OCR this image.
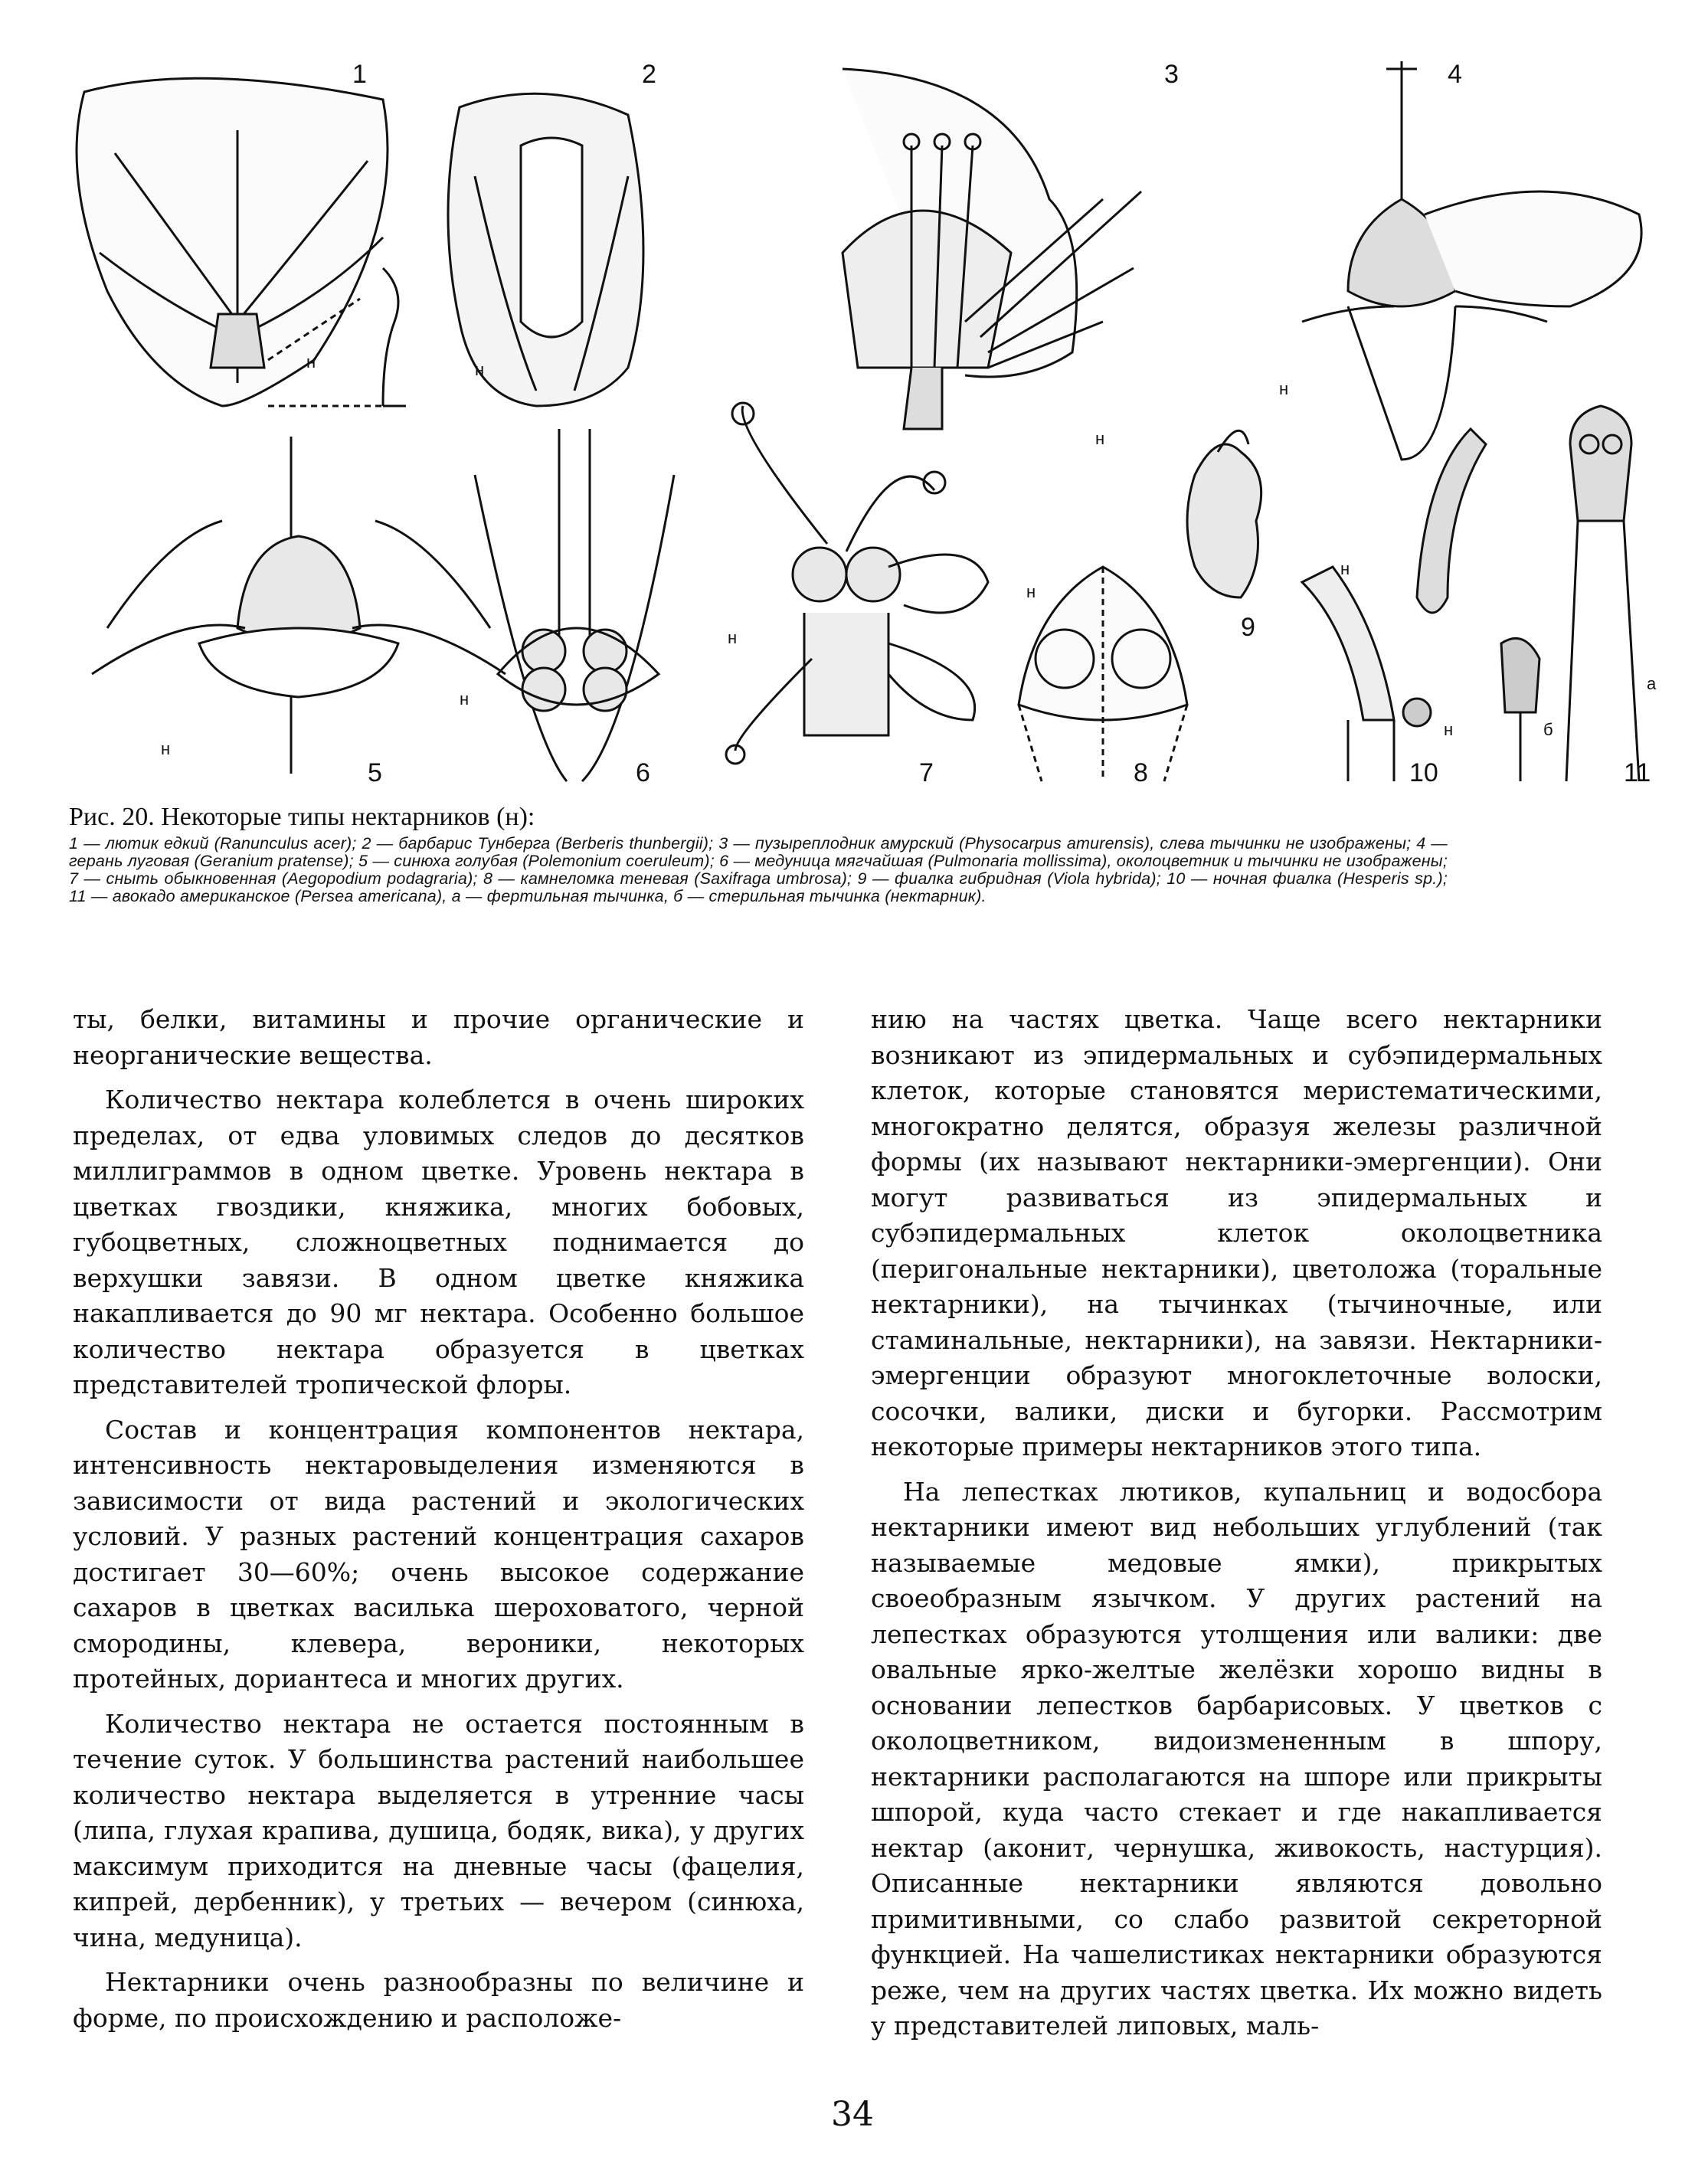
1
н
2
н
3
н
4
н
5
н
6
н
7
н
8
н
9
10
н
н
11
а
б

Рис. 20. Некоторые типы нектарников (н):

1 — лютик едкий (Ranunculus acer); 2 — барбарис Тунберга (Berberis thunbergii); 3 — пузыреплодник амурский (Physocarpus amurensis), слева тычинки не изображены; 4 — герань луговая (Geranium pratense); 5 — синюха голубая (Polemonium coeruleum); 6 — медуница мягчайшая (Pulmonaria mollissima), околоцветник и тычинки не изображены; 7 — сныть обыкновенная (Aegopodium podagraria); 8 — камнеломка теневая (Saxifraga umbrosa); 9 — фиалка гибридная (Viola hybrida); 10 — ночная фиалка (Hesperis sp.); 11 — авокадо американское (Persea americana), а — фертильная тычинка, б — стерильная тычинка (нектарник).

ты, белки, витамины и прочие органические и неорганические вещества.

Количество нектара колеблется в очень широких пределах, от едва уловимых следов до десятков миллиграммов в одном цветке. Уровень нектара в цветках гвоздики, княжика, многих бобовых, губоцветных, сложноцветных поднимается до верхушки завязи. В одном цветке княжика накапливается до 90 мг нектара. Особенно большое количество нектара образуется в цветках представителей тропической флоры.

Состав и концентрация компонентов нектара, интенсивность нектаровыделения изменяются в зависимости от вида растений и экологических условий. У разных растений концентрация сахаров достигает 30—60%; очень высокое содержание сахаров в цветках василька шероховатого, черной смородины, клевера, вероники, некоторых протейных, дориантеса и многих других.

Количество нектара не остается постоянным в течение суток. У большинства растений наибольшее количество нектара выделяется в утренние часы (липа, глухая крапива, душица, бодяк, вика), у других максимум приходится на дневные часы (фацелия, кипрей, дербенник), у третьих — вечером (синюха, чина, медуница).

Нектарники очень разнообразны по величине и форме, по происхождению и расположе-

нию на частях цветка. Чаще всего нектарники возникают из эпидермальных и субэпидермальных клеток, которые становятся меристематическими, многократно делятся, образуя железы различной формы (их называют нектарники-эмергенции). Они могут развиваться из эпидермальных и субэпидермальных клеток околоцветника (перигональные нектарники), цветоложа (торальные нектарники), на тычинках (тычиночные, или стаминальные, нектарники), на завязи. Нектарники-эмергенции образуют многоклеточные волоски, сосочки, валики, диски и бугорки. Рассмотрим некоторые примеры нектарников этого типа.

На лепестках лютиков, купальниц и водосбора нектарники имеют вид небольших углублений (так называемые медовые ямки), прикрытых своеобразным язычком. У других растений на лепестках образуются утолщения или валики: две овальные ярко-желтые желёзки хорошо видны в основании лепестков барбарисовых. У цветков с околоцветником, видоизмененным в шпору, нектарники располагаются на шпоре или прикрыты шпорой, куда часто стекает и где накапливается нектар (аконит, чернушка, живокость, настурция). Описанные нектарники являются довольно примитивными, со слабо развитой секреторной функцией. На чашелистиках нектарники образуются реже, чем на других частях цветка. Их можно видеть у представителей липовых, маль-

34
